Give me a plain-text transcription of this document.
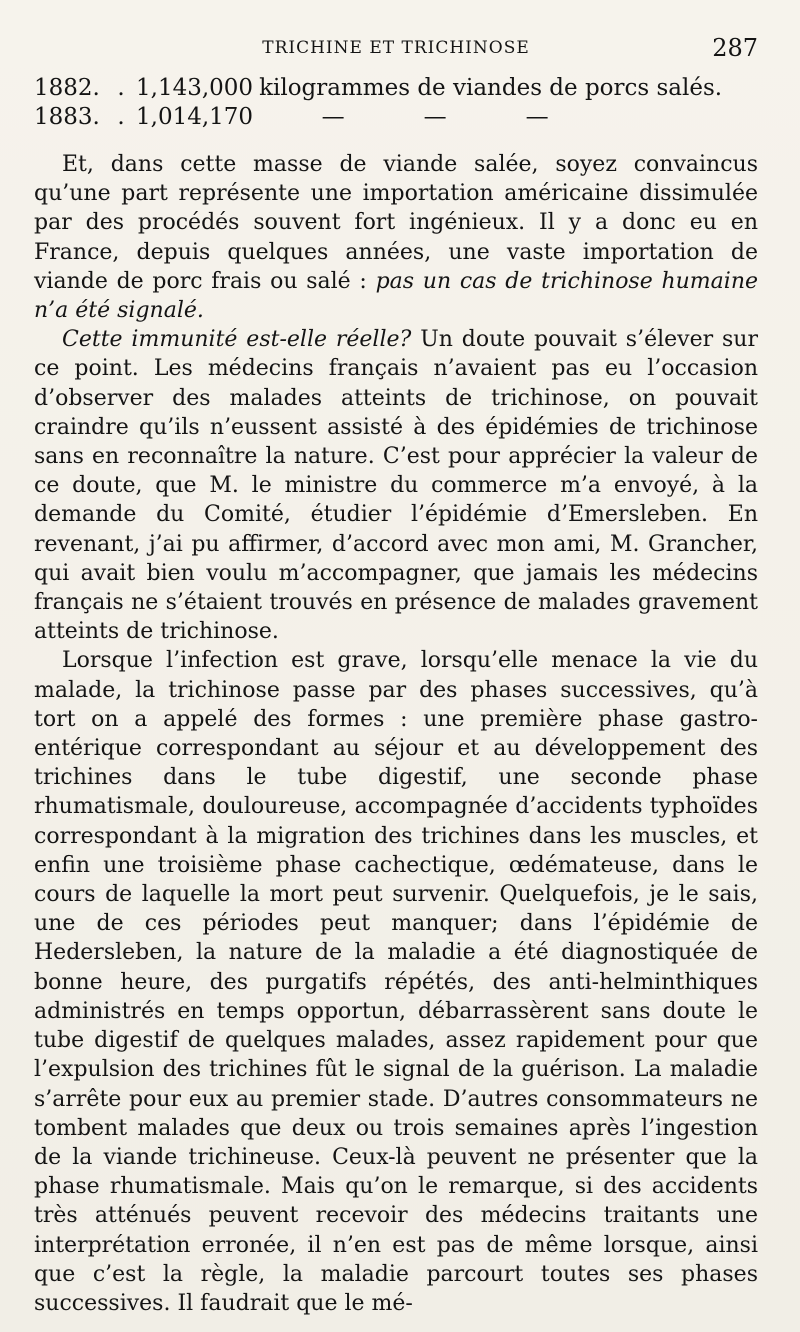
TRICHINE ET TRICHINOSE	287
1882. . 1,143,000 kilogrammes de viandes de porcs salés.
1883. . 1,014,170	—	—	—

Et, dans cette masse de viande salée, soyez convaincus qu’une part représente une importation américaine dissimulée par des procédés souvent fort ingénieux. Il y a donc eu en France, depuis quelques années, une vaste importation de viande de porc frais ou salé : pas un cas de trichinose humaine n’a été signalé.

Cette immunité est-elle réelle? Un doute pouvait s’élever sur ce point. Les médecins français n’avaient pas eu l’occasion d’observer des malades atteints de trichinose, on pouvait craindre qu’ils n’eussent assisté à des épidémies de trichinose sans en reconnaître la nature. C’est pour apprécier la valeur de ce doute, que M. le ministre du commerce m’a envoyé, à la demande du Comité, étudier l’épidémie d’Emersleben. En revenant, j’ai pu affirmer, d’accord avec mon ami, M. Grancher, qui avait bien voulu m’accompagner, que jamais les médecins français ne s’étaient trouvés en présence de malades gravement atteints de trichinose.

Lorsque l’infection est grave, lorsqu’elle menace la vie du malade, la trichinose passe par des phases successives, qu’à tort on a appelé des formes : une première phase gastro-entérique correspondant au séjour et au développement des trichines dans le tube digestif, une seconde phase rhumatismale, douloureuse, accompagnée d’accidents typhoïdes correspondant à la migration des trichines dans les muscles, et enfin une troisième phase cachectique, œdémateuse, dans le cours de laquelle la mort peut survenir. Quelquefois, je le sais, une de ces périodes peut manquer; dans l’épidémie de Hedersleben, la nature de la maladie a été diagnostiquée de bonne heure, des purgatifs répétés, des anti-helminthiques administrés en temps opportun, débarrassèrent sans doute le tube digestif de quelques malades, assez rapidement pour que l’expulsion des trichines fût le signal de la guérison. La maladie s’arrête pour eux au premier stade. D’autres consommateurs ne tombent malades que deux ou trois semaines après l’ingestion de la viande trichineuse. Ceux-là peuvent ne présenter que la phase rhumatismale. Mais qu’on le remarque, si des accidents très atténués peuvent recevoir des médecins traitants une interprétation erronée, il n’en est pas de même lorsque, ainsi que c’est la règle, la maladie parcourt toutes ses phases successives. Il faudrait que le mé-
